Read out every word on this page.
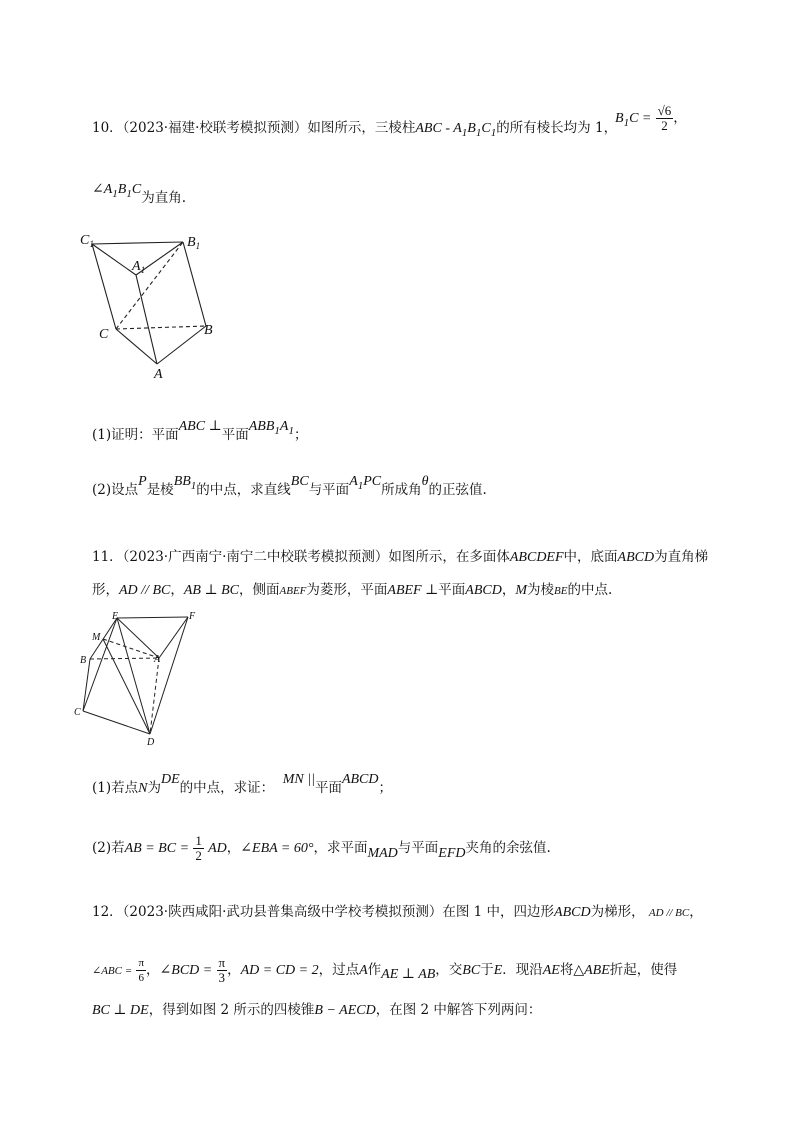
10．（2023·福建·校联考模拟预测）如图所示，三棱柱ABC - $A_1B_1C_1$的所有棱长均为 1，
$B_1C = \frac{√6}{2}$ ，
$\angle A_1B_1C$为直角.
$C_1$	$B_1$
$A_1$
C	B
A
(1)证明：平面ABC ⊥平面$ABB_1A_1$；
(2)设点P是棱$BB_1$的中点，求直线BC与平面$A_1PC$所成角θ的正弦值.
11．（2023·广西南宁·南宁二中校联考模拟预测）如图所示，在多面体ABCDEF中，底面ABCD为直角梯
形，AD // BC，AB ⊥ BC，侧面ABEF为菱形，平面ABEF ⊥平面ABCD，M为棱BE的中点.
E	F
M
B	A
C
D
(1)若点N为DE的中点，求证：  MN ||平面ABCD；
(2)若AB = BC = $\frac{1}{2}$ AD，∠EBA = 60°，求平面MAD与平面EFD夹角的余弦值.
12．（2023·陕西咸阳·武功县普集高级中学校考模拟预测）在图 1 中，四边形ABCD为梯形， AD // BC，
∠ABC = $\frac{\pi}{6}$ ，∠BCD = $\frac{\pi}{3}$ ，AD = CD = 2，过点A作AE ⊥ AB，交BC于E．现沿AE将△ABE折起，使得
BC ⊥ DE，得到如图 2 所示的四棱锥B − AECD，在图 2 中解答下列两问：
